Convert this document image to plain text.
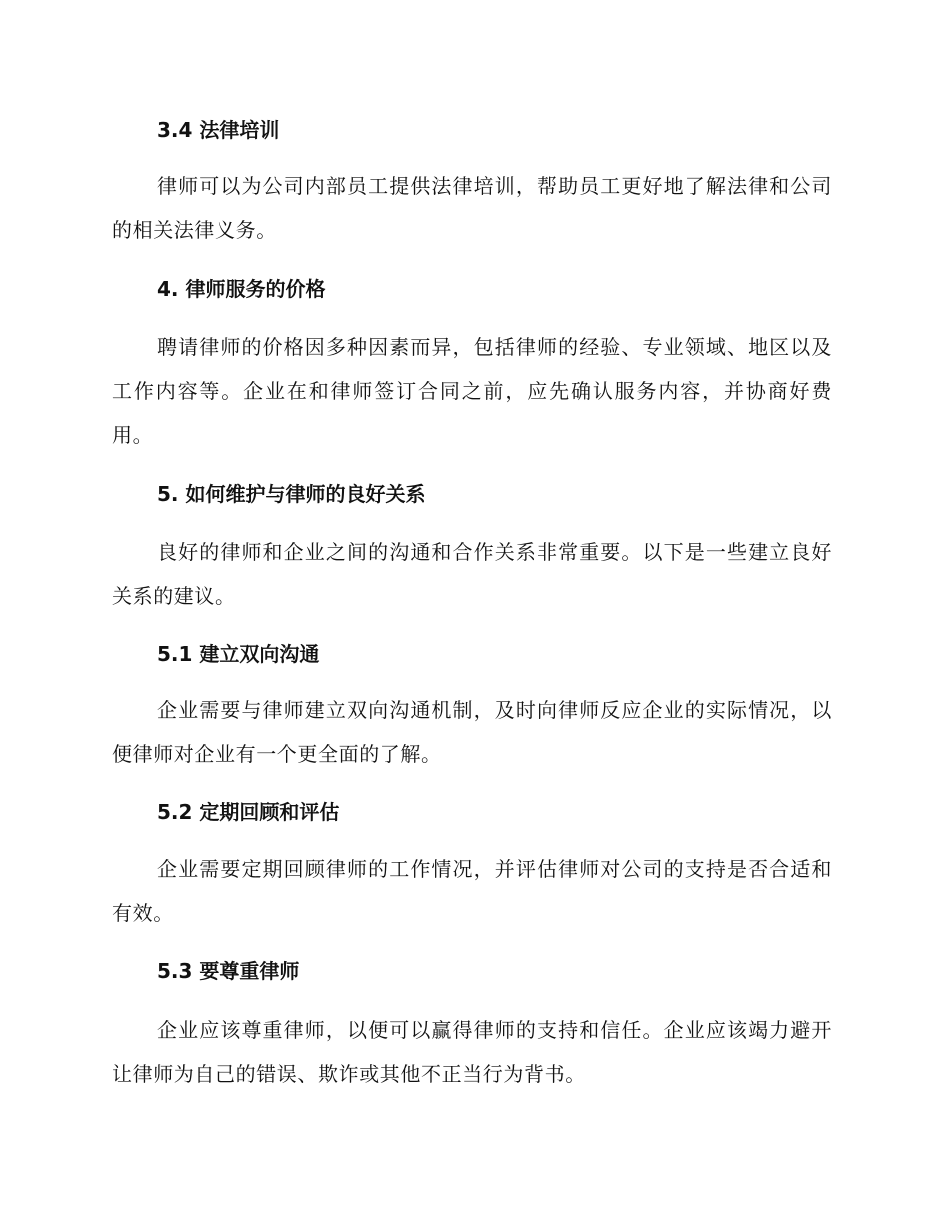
3.4 法律培训

律师可以为公司内部员工提供法律培训，帮助员工更好地了解法律和公司的相关法律义务。

4. 律师服务的价格

聘请律师的价格因多种因素而异，包括律师的经验、专业领域、地区以及工作内容等。企业在和律师签订合同之前，应先确认服务内容，并协商好费用。

5. 如何维护与律师的良好关系

良好的律师和企业之间的沟通和合作关系非常重要。以下是一些建立良好关系的建议。

5.1 建立双向沟通

企业需要与律师建立双向沟通机制，及时向律师反应企业的实际情况，以便律师对企业有一个更全面的了解。

5.2 定期回顾和评估

企业需要定期回顾律师的工作情况，并评估律师对公司的支持是否合适和有效。

5.3 要尊重律师

企业应该尊重律师，以便可以赢得律师的支持和信任。企业应该竭力避开让律师为自己的错误、欺诈或其他不正当行为背书。
